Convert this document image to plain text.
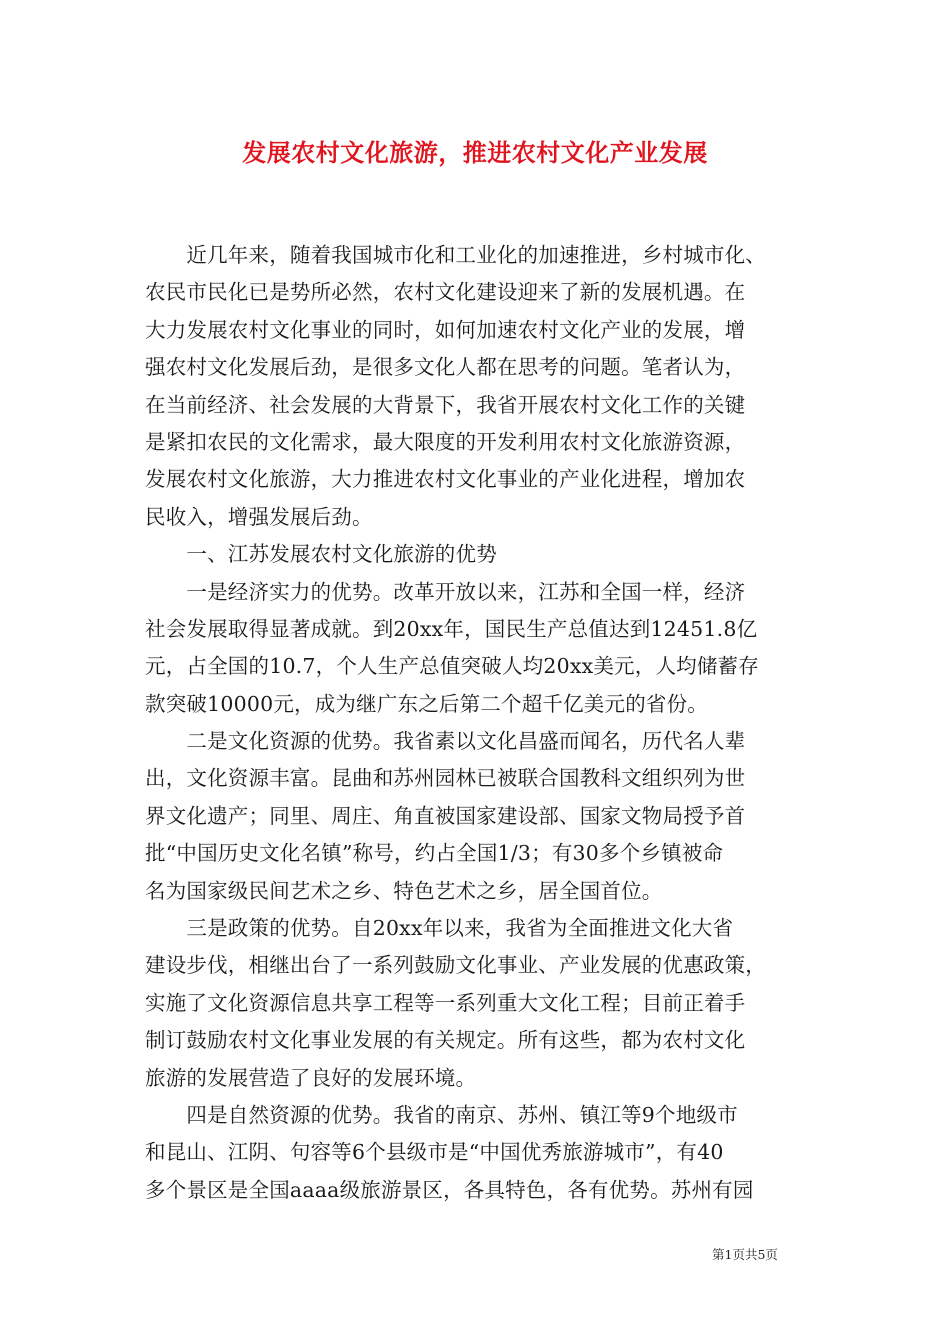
发展农村文化旅游，推进农村文化产业发展
　　近几年来，随着我国城市化和工业化的加速推进，乡村城市化、
农民市民化已是势所必然，农村文化建设迎来了新的发展机遇。在
大力发展农村文化事业的同时，如何加速农村文化产业的发展，增
强农村文化发展后劲，是很多文化人都在思考的问题。笔者认为，
在当前经济、社会发展的大背景下，我省开展农村文化工作的关键
是紧扣农民的文化需求，最大限度的开发利用农村文化旅游资源，
发展农村文化旅游，大力推进农村文化事业的产业化进程，增加农
民收入，增强发展后劲。
　　一、江苏发展农村文化旅游的优势
　　一是经济实力的优势。改革开放以来，江苏和全国一样，经济
社会发展取得显著成就。到20xx年，国民生产总值达到12451.8亿
元，占全国的10.7，个人生产总值突破人均20xx美元，人均储蓄存
款突破10000元，成为继广东之后第二个超千亿美元的省份。
　　二是文化资源的优势。我省素以文化昌盛而闻名，历代名人辈
出，文化资源丰富。昆曲和苏州园林已被联合国教科文组织列为世
界文化遗产；同里、周庄、角直被国家建设部、国家文物局授予首
批“中国历史文化名镇”称号，约占全国1/3；有30多个乡镇被命
名为国家级民间艺术之乡、特色艺术之乡，居全国首位。
　　三是政策的优势。自20xx年以来，我省为全面推进文化大省
建设步伐，相继出台了一系列鼓励文化事业、产业发展的优惠政策，
实施了文化资源信息共享工程等一系列重大文化工程；目前正着手
制订鼓励农村文化事业发展的有关规定。所有这些，都为农村文化
旅游的发展营造了良好的发展环境。
　　四是自然资源的优势。我省的南京、苏州、镇江等9个地级市
和昆山、江阴、句容等6个县级市是“中国优秀旅游城市”，有40
多个景区是全国aaaa级旅游景区，各具特色，各有优势。苏州有园
第1页共5页
